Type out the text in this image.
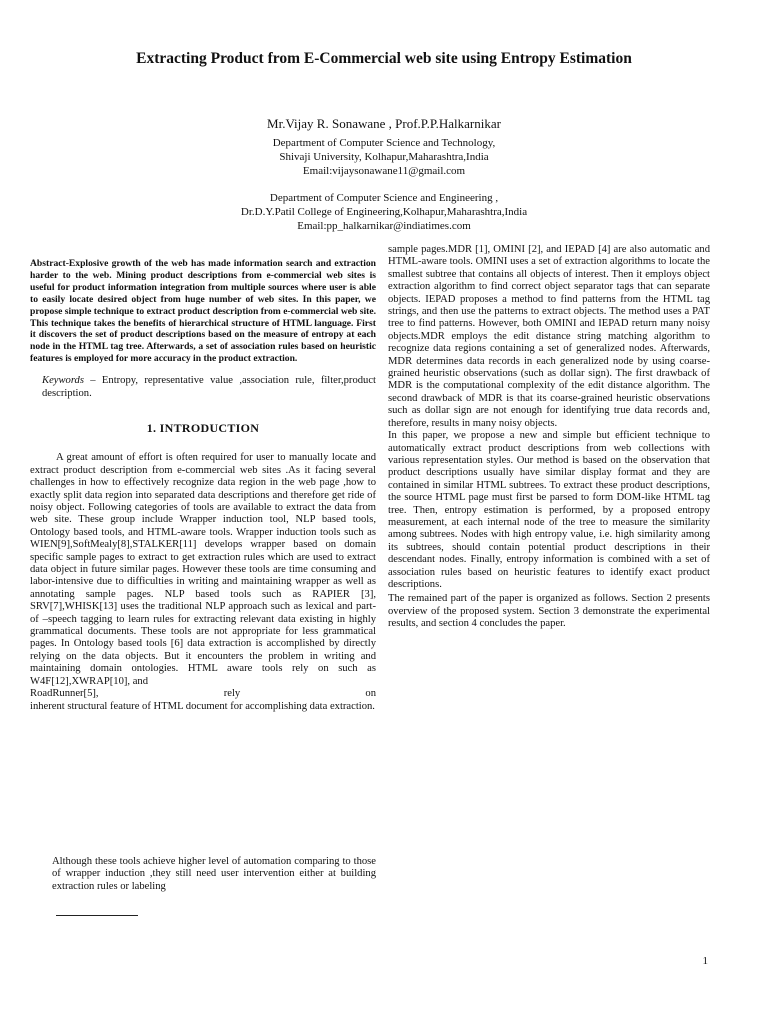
Extracting Product from E-Commercial web site using Entropy Estimation
Mr.Vijay R. Sonawane , Prof.P.P.Halkarnikar
Department of Computer Science and Technology,
Shivaji University, Kolhapur,Maharashtra,India
Email:vijaysonawane11@gmail.com
Department of Computer Science and Engineering ,
Dr.D.Y.Patil College of Engineering,Kolhapur,Maharashtra,India
Email:pp_halkarnikar@indiatimes.com

Abstract-Explosive growth of the web has made information search and extraction harder to the web. Mining product descriptions from e-commercial web sites is useful for product information integration from multiple sources where user is able to easily locate desired object from huge number of web sites. In this paper, we propose simple technique to extract product description from e-commercial web site. This technique takes the benefits of hierarchical structure of HTML language. First it discovers the set of product descriptions based on the measure of entropy at each node in the HTML tag tree. Afterwards, a set of association rules based on heuristic features is employed for more accuracy in the product extraction.

Keywords – Entropy, representative value ,association rule, filter,product description.

1. INTRODUCTION

A great amount of effort is often required for user to manually locate and extract product description from e-commercial web sites .As it facing several challenges in how to effectively recognize data region in the web page ,how to exactly split data region into separated data descriptions and therefore get ride of noisy object. Following categories of tools are available to extract the data from web site. These group include Wrapper induction tool, NLP based tools, Ontology based tools, and HTML-aware tools. Wrapper induction tools such as WIEN[9],SoftMealy[8],STALKER[11] develops wrapper based on domain specific sample pages to extract to get extraction rules which are used to extract data object in future similar pages. However these tools are time consuming and labor-intensive due to difficulties in writing and maintaining wrapper as well as annotating sample pages. NLP based tools such as RAPIER [3], SRV[7],WHISK[13] uses the traditional NLP approach such as lexical and part-of –speech tagging to learn rules for extracting relevant data existing in highly grammatical documents. These tools are not appropriate for less grammatical pages. In Ontology based tools [6] data extraction is accomplished by directly relying on the data objects. But it encounters the problem in writing and maintaining domain ontologies. HTML aware tools rely on such as W4F[12],XWRAP[10], and

RoadRunner[5],	rely	on

inherent structural feature of HTML document for accomplishing data extraction.

Although these tools achieve higher level of automation comparing to those of wrapper induction ,they still need user intervention either at building extraction rules or labeling

sample pages.MDR [1], OMINI [2], and IEPAD [4] are also automatic and HTML-aware tools. OMINI uses a set of extraction algorithms to locate the smallest subtree that contains all objects of interest. Then it employs object extraction algorithm to find correct object separator tags that can separate objects. IEPAD proposes a method to find patterns from the HTML tag strings, and then use the patterns to extract objects. The method uses a PAT tree to find patterns. However, both OMINI and IEPAD return many noisy objects.MDR employs the edit distance string matching algorithm to recognize data regions containing a set of generalized nodes. Afterwards, MDR determines data records in each generalized node by using coarse-grained heuristic observations (such as dollar sign). The first drawback of MDR is the computational complexity of the edit distance algorithm. The second drawback of MDR is that its coarse-grained heuristic observations such as dollar sign are not enough for identifying true data records and, therefore, results in many noisy objects.

In this paper, we propose a new and simple but efficient technique to automatically extract product descriptions from web collections with various representation styles. Our method is based on the observation that product descriptions usually have similar display format and they are contained in similar HTML subtrees. To extract these product descriptions, the source HTML page must first be parsed to form DOM-like HTML tag tree. Then, entropy estimation is performed, by a proposed entropy measurement, at each internal node of the tree to measure the similarity among subtrees. Nodes with high entropy value, i.e. high similarity among its subtrees, should contain potential product descriptions in their descendant nodes. Finally, entropy information is combined with a set of association rules based on heuristic features to identify exact product descriptions.

The remained part of the paper is organized as follows. Section 2 presents overview of the proposed system. Section 3 demonstrate the experimental results, and section 4 concludes the paper.

1
